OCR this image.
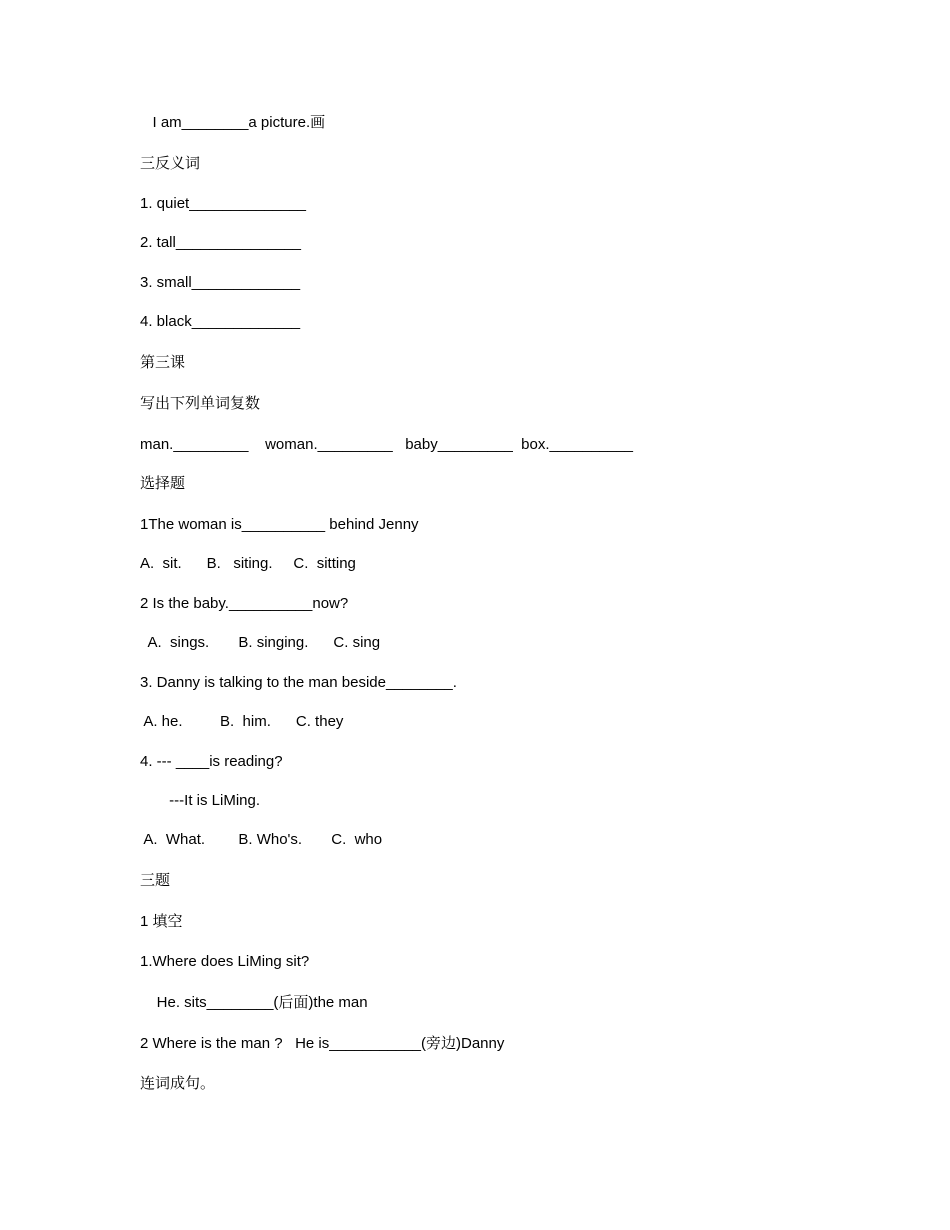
I am________a picture.画
三反义词
1. quiet______________
2. tall_______________
3. small_____________
4. black_____________
第三课
写出下列单词复数
man._________    woman._________   baby_________  box.__________
选择题
1The woman is__________ behind Jenny
A.  sit.      B.   siting.     C.  sitting
2 Is the baby.__________now?
A.  sings.       B. singing.      C. sing
3. Danny is talking to the man beside________.
A. he.         B.  him.      C. they
4. --- ____is reading?
---It is LiMing.
A.  What.        B. Who's.       C.  who
三题
1 填空
1.Where does LiMing sit?
He. sits________(后面)the man
2 Where is the man ?   He is___________(旁边)Danny
连词成句。
